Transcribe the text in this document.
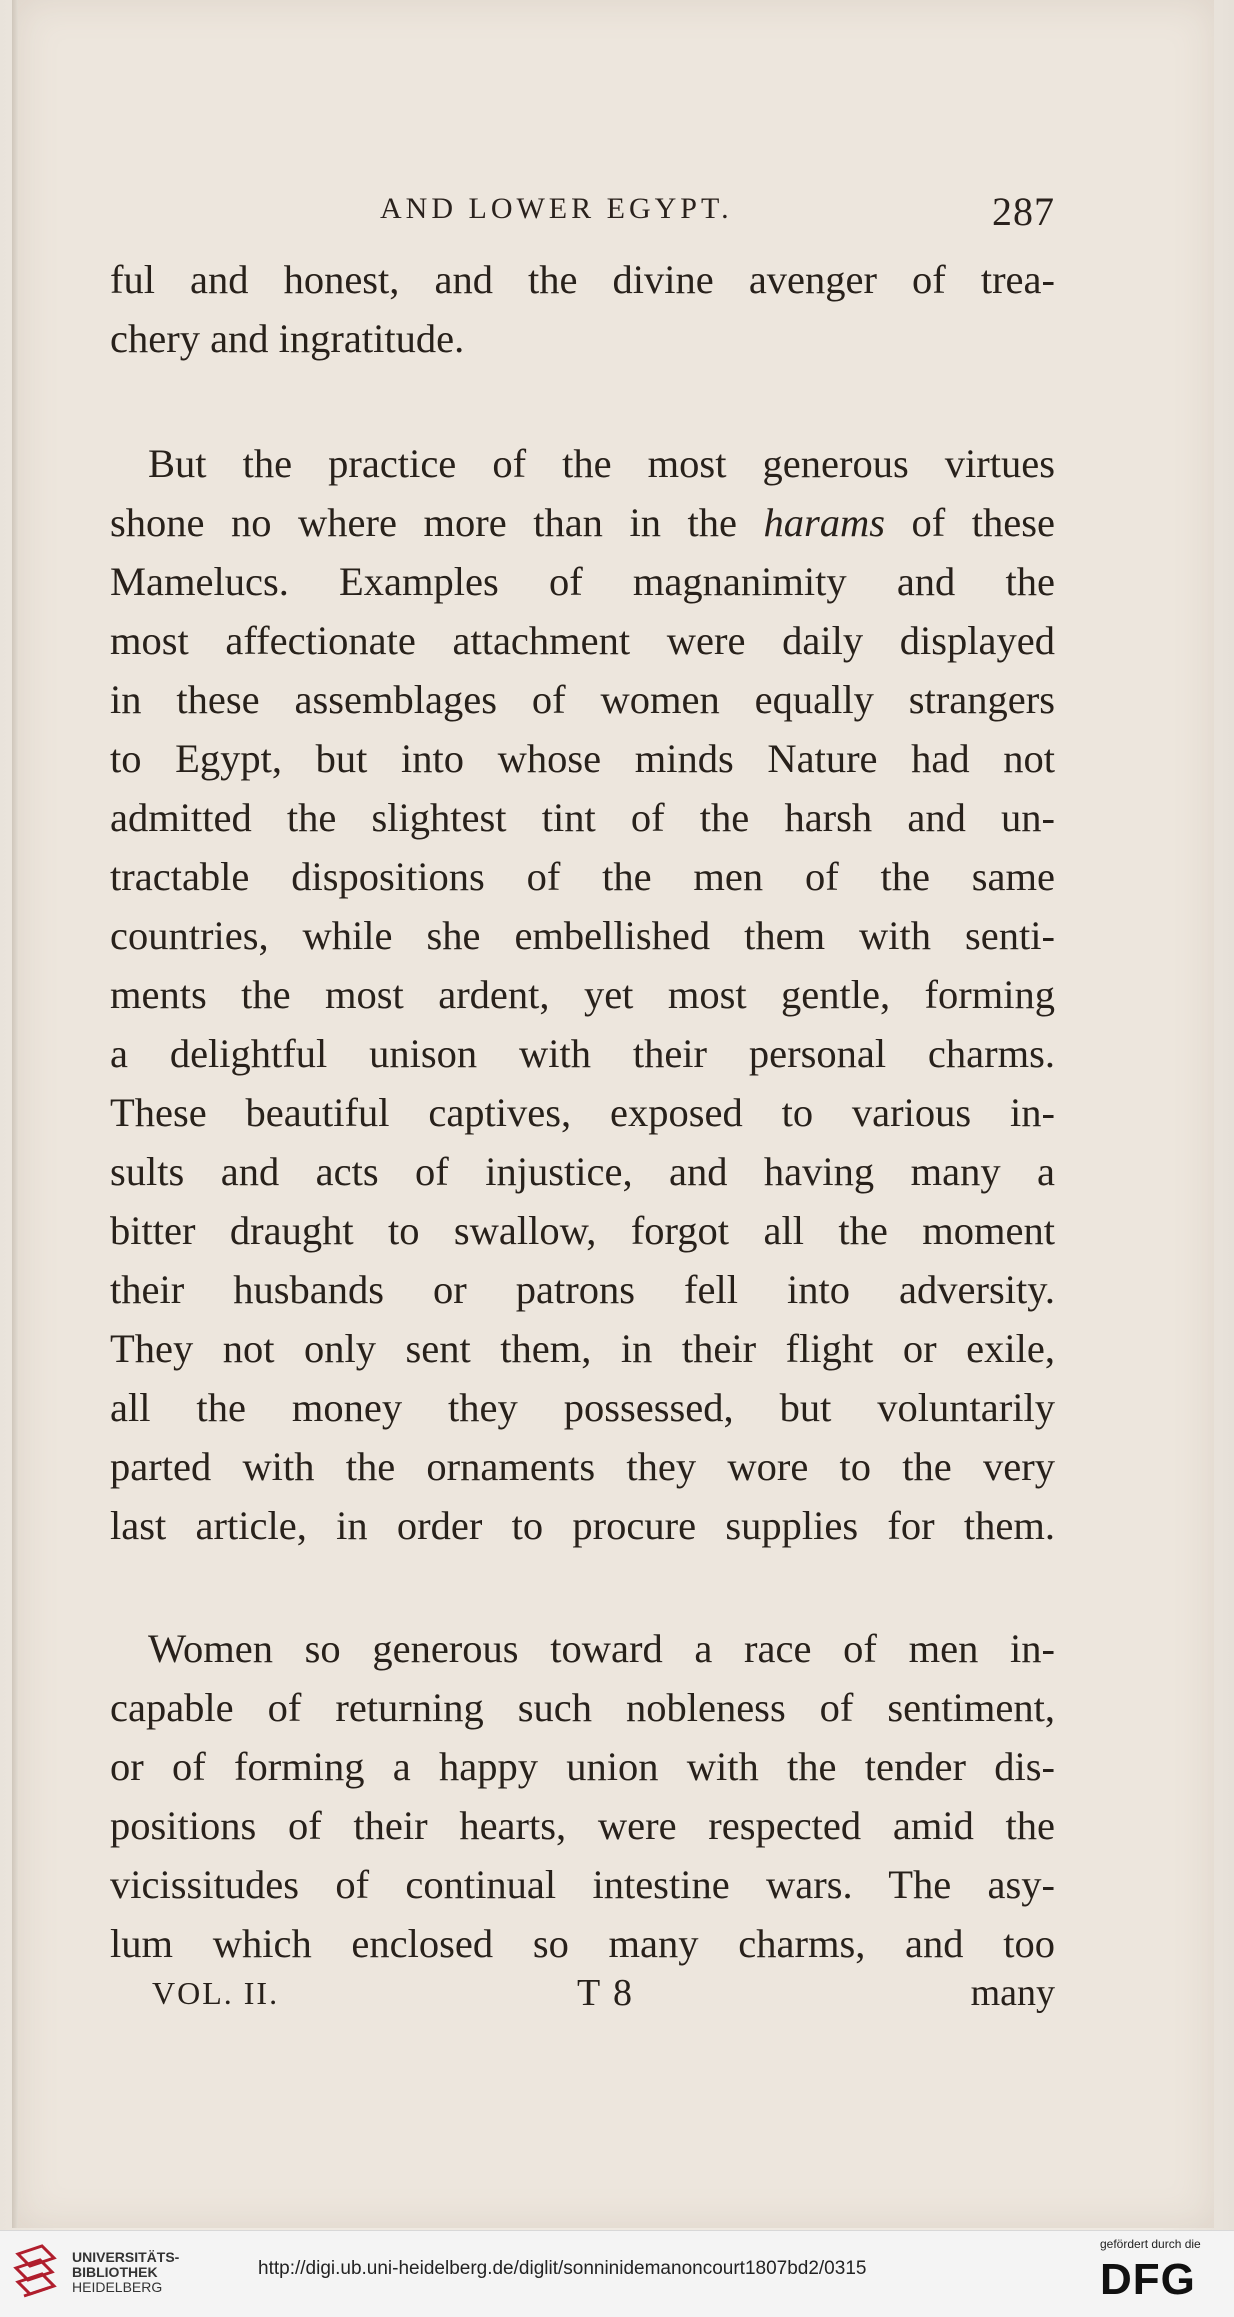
AND LOWER EGYPT.	287
ful and honest, and the divine avenger of trea-
chery and ingratitude.
But the practice of the most generous virtues
shone no where more than in the harams of these
Mamelucs. Examples of magnanimity and the
most affectionate attachment were daily displayed
in these assemblages of women equally strangers
to Egypt, but into whose minds Nature had not
admitted the slightest tint of the harsh and un-
tractable dispositions of the men of the same
countries, while she embellished them with senti-
ments the most ardent, yet most gentle, forming
a delightful unison with their personal charms.
These beautiful captives, exposed to various in-
sults and acts of injustice, and having many a
bitter draught to swallow, forgot all the moment
their husbands or patrons fell into adversity.
They not only sent them, in their flight or exile,
all the money they possessed, but voluntarily
parted with the ornaments they wore to the very
last article, in order to procure supplies for them.
Women so generous toward a race of men in-
capable of returning such nobleness of sentiment,
or of forming a happy union with the tender dis-
positions of their hearts, were respected amid the
vicissitudes of continual intestine wars. The asy-
lum which enclosed so many charms, and too
VOL. II.	T 8	many
UNIVERSITÄTS-
BIBLIOTHEK
HEIDELBERG
http://digi.ub.uni-heidelberg.de/diglit/sonninidemanoncourt1807bd2/0315
gefördert durch die
DFG
